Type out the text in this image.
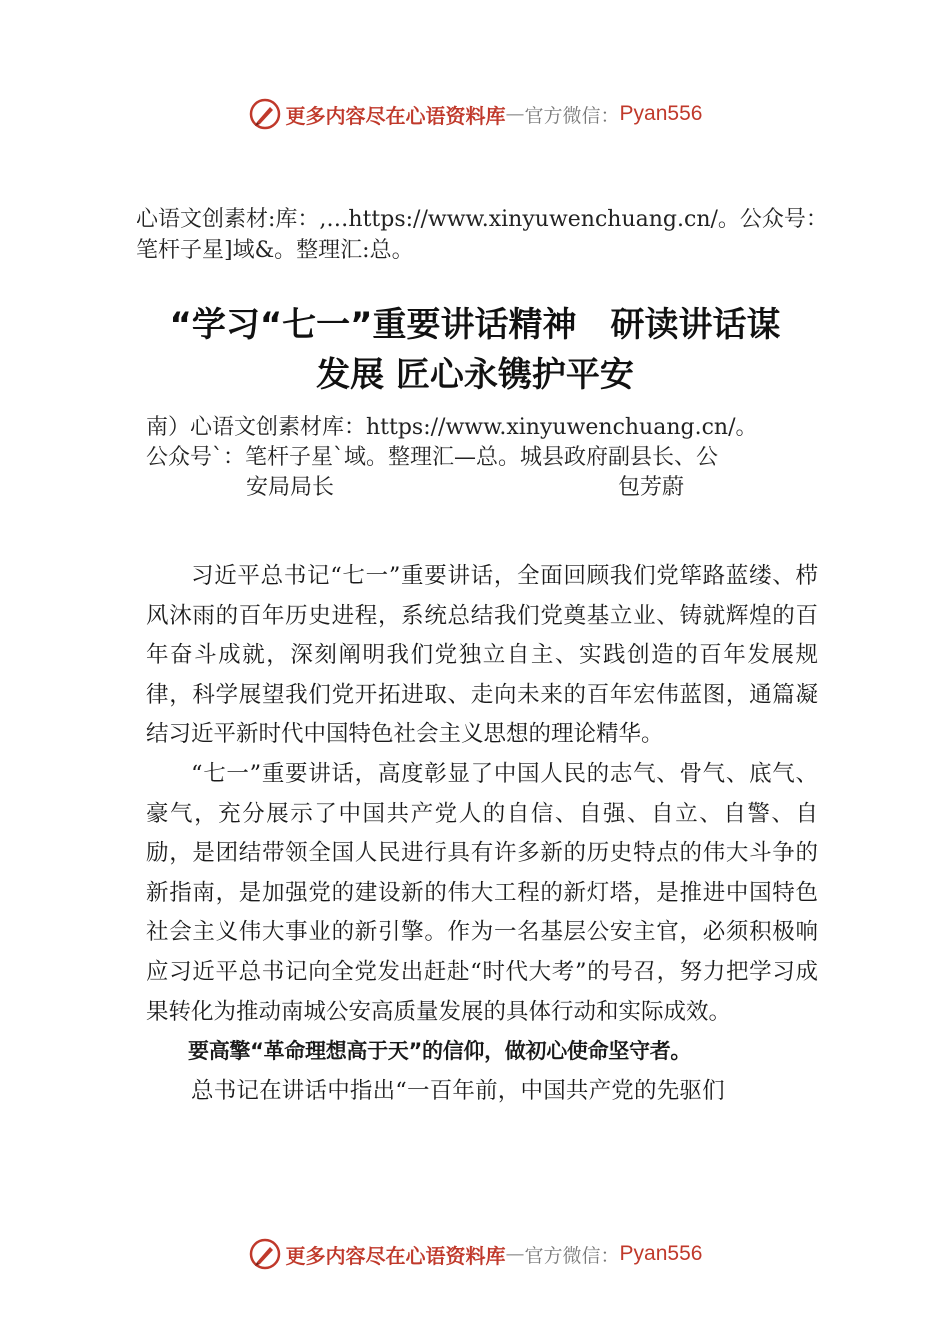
更多内容尽在心语资料库 — 官方微信： Pyan556
心语文创素材:库：,…https://www.xinyuwenchuang.cn/。公众号：笔杆子星]域&。整理汇:总。
“学习“七一”重要讲话精神　研读讲话谋
发展 匠心永镌护平安
南）心语文创素材库：https://www.xinyuwenchuang.cn/。
公众号`：笔杆子星`域。整理汇—总。城县政府副县长、公
安局局长	包芳蔚

习近平总书记“七一”重要讲话，全面回顾我们党筚路蓝缕、栉风沐雨的百年历史进程，系统总结我们党奠基立业、铸就辉煌的百年奋斗成就，深刻阐明我们党独立自主、实践创造的百年发展规律，科学展望我们党开拓进取、走向未来的百年宏伟蓝图，通篇凝结习近平新时代中国特色社会主义思想的理论精华。

“七一”重要讲话，高度彰显了中国人民的志气、骨气、底气、豪气，充分展示了中国共产党人的自信、自强、自立、自警、自励，是团结带领全国人民进行具有许多新的历史特点的伟大斗争的新指南，是加强党的建设新的伟大工程的新灯塔，是推进中国特色社会主义伟大事业的新引擎。作为一名基层公安主官，必须积极响应习近平总书记向全党发出赶赴“时代大考”的号召，努力把学习成果转化为推动南城公安高质量发展的具体行动和实际成效。

要高擎“革命理想高于天”的信仰，做初心使命坚守者。

总书记在讲话中指出“一百年前，中国共产党的先驱们

更多内容尽在心语资料库 — 官方微信： Pyan556
